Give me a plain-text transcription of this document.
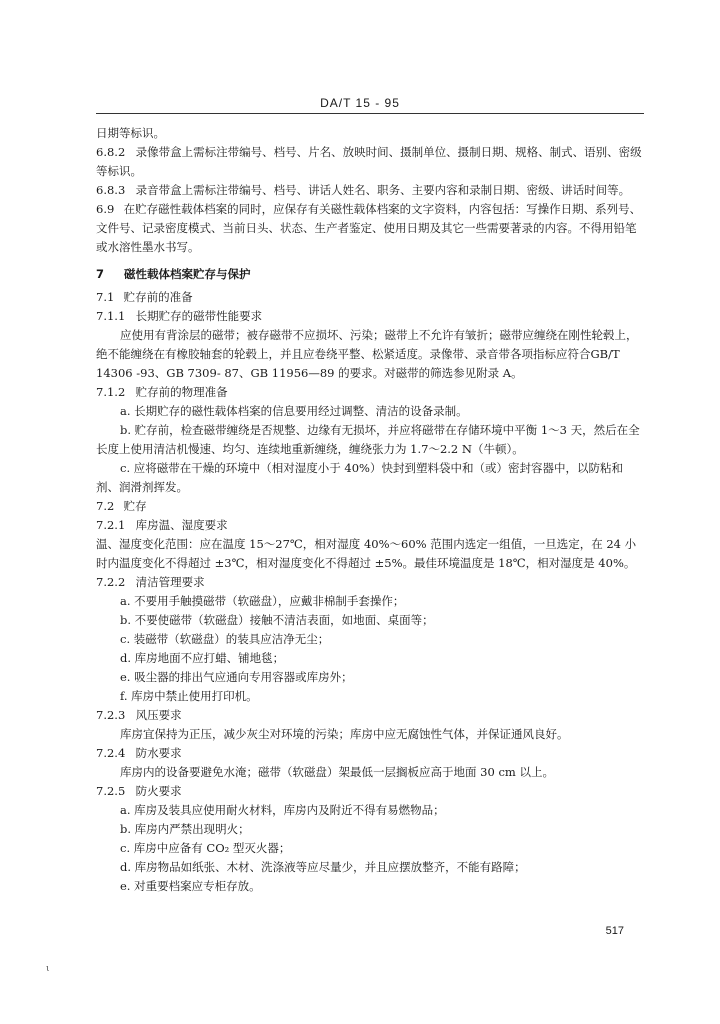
DA/T 15 - 95

日期等标识。

6.8.2 录像带盒上需标注带编号、档号、片名、放映时间、摄制单位、摄制日期、规格、制式、语别、密级等标识。

6.8.3 录音带盒上需标注带编号、档号、讲话人姓名、职务、主要内容和录制日期、密级、讲话时间等。

6.9 在贮存磁性载体档案的同时，应保存有关磁性载体档案的文字资料，内容包括：写操作日期、系列号、文件号、记录密度模式、当前日头、状态、生产者鉴定、使用日期及其它一些需要著录的内容。不得用铅笔或水溶性墨水书写。

7 磁性载体档案贮存与保护

7.1 贮存前的准备

7.1.1 长期贮存的磁带性能要求

应使用有背涂层的磁带；被存磁带不应损坏、污染；磁带上不允许有皱折；磁带应缠绕在刚性轮毂上，绝不能缠绕在有橡胶轴套的轮毂上，并且应卷绕平整、松紧适度。录像带、录音带各项指标应符合GB/T 14306 -93、GB 7309- 87、GB 11956—89 的要求。对磁带的筛选参见附录 A。

7.1.2 贮存前的物理准备

a. 长期贮存的磁性载体档案的信息要用经过调整、清洁的设备录制。

b. 贮存前，检查磁带缠绕是否规整、边缘有无损坏，并应将磁带在存储环境中平衡 1～3 天，然后在全长度上使用清洁机慢速、均匀、连续地重新缠绕，缠绕张力为 1.7～2.2 N（牛顿）。

c. 应将磁带在干燥的环境中（相对湿度小于 40%）快封到塑料袋中和（或）密封容器中，以防粘和剂、润滑剂挥发。

7.2 贮存

7.2.1 库房温、湿度要求

温、湿度变化范围：应在温度 15～27℃，相对湿度 40%～60% 范围内选定一组值，一旦选定，在 24 小时内温度变化不得超过 ±3℃，相对湿度变化不得超过 ±5%。最佳环境温度是 18℃，相对湿度是 40%。

7.2.2 清洁管理要求

a. 不要用手触摸磁带（软磁盘），应戴非棉制手套操作；

b. 不要使磁带（软磁盘）接触不清洁表面，如地面、桌面等；

c. 装磁带（软磁盘）的装具应洁净无尘；

d. 库房地面不应打蜡、铺地毯；

e. 吸尘器的排出气应通向专用容器或库房外；

f. 库房中禁止使用打印机。

7.2.3 风压要求

库房宜保持为正压，减少灰尘对环境的污染；库房中应无腐蚀性气体，并保证通风良好。

7.2.4 防水要求

库房内的设备要避免水淹；磁带（软磁盘）架最低一层搁板应高于地面 30 cm 以上。

7.2.5 防火要求

a. 库房及装具应使用耐火材料，库房内及附近不得有易燃物品；

b. 库房内严禁出现明火；

c. 库房中应备有 CO₂ 型灭火器；

d. 库房物品如纸张、木材、洗涤液等应尽量少，并且应摆放整齐，不能有路障；

e. 对重要档案应专柜存放。

517
ι
